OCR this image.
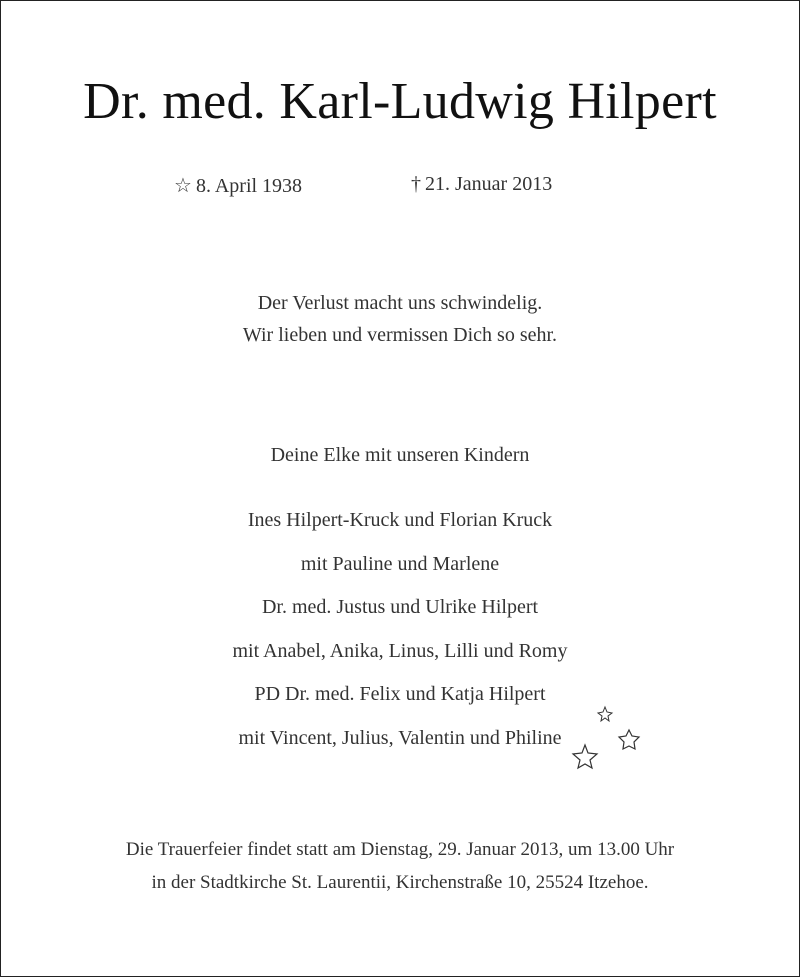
Dr. med. Karl-Ludwig Hilpert
☆ 8. April 1938	† 21. Januar 2013
Der Verlust macht uns schwindelig.
Wir lieben und vermissen Dich so sehr.
Deine Elke mit unseren Kindern
Ines Hilpert-Kruck und Florian Kruck
mit Pauline und Marlene
Dr. med. Justus und Ulrike Hilpert
mit Anabel, Anika, Linus, Lilli und Romy
PD Dr. med. Felix und Katja Hilpert
mit Vincent, Julius, Valentin und Philine
Die Trauerfeier findet statt am Dienstag, 29. Januar 2013, um 13.00 Uhr
in der Stadtkirche St. Laurentii, Kirchenstraße 10, 25524 Itzehoe.
